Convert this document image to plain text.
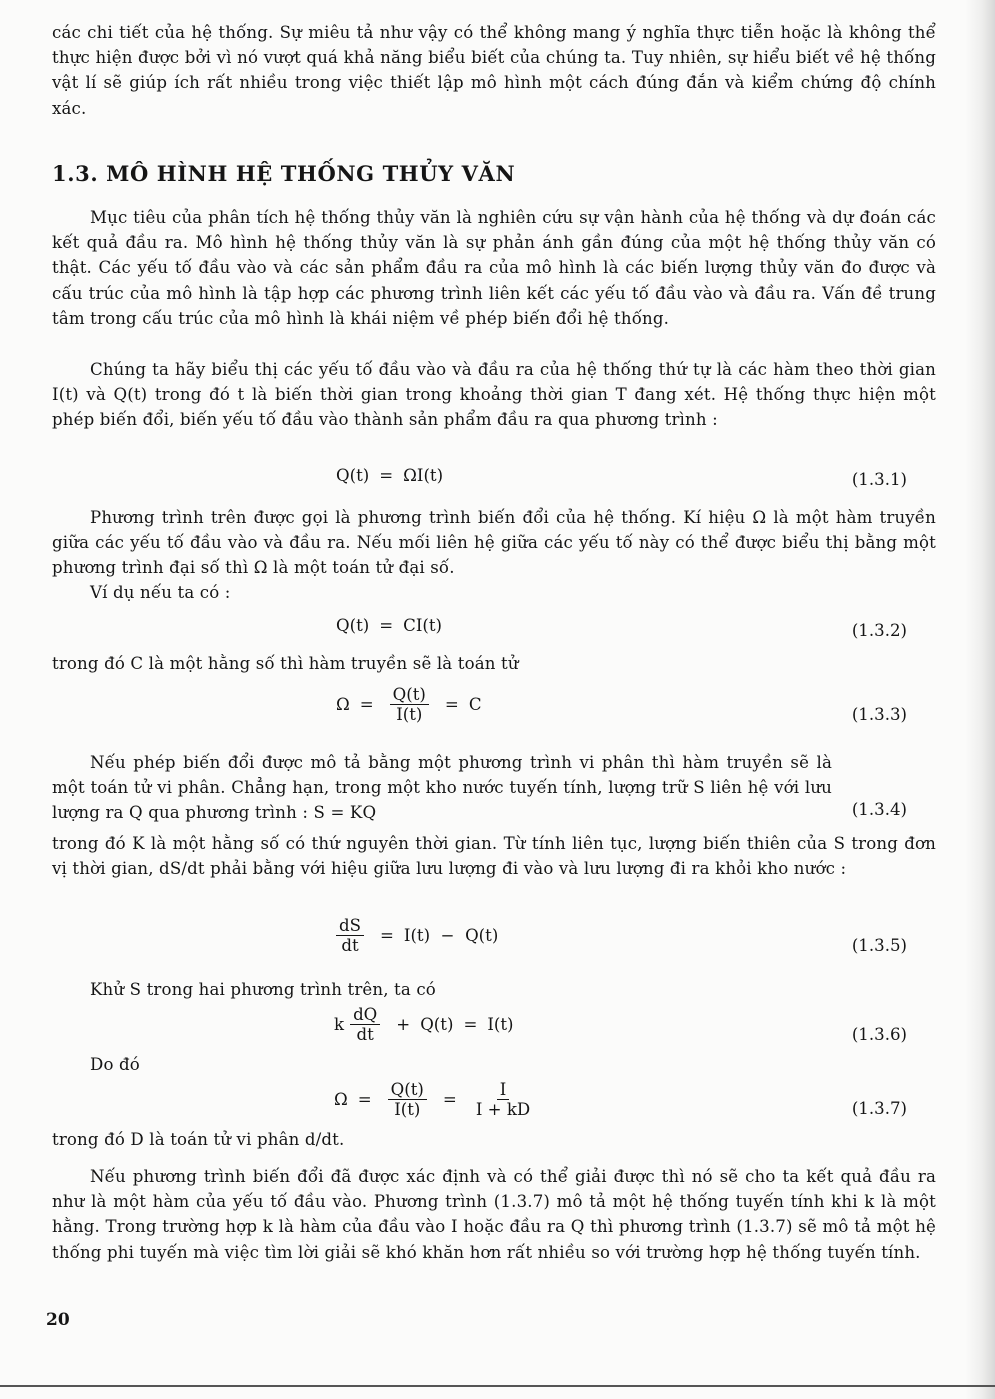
các chi tiết của hệ thống. Sự miêu tả như vậy có thể không mang ý nghĩa thực tiễn hoặc là không thể thực hiện được bởi vì nó vượt quá khả năng biểu biết của chúng ta. Tuy nhiên, sự hiểu biết về hệ thống vật lí sẽ giúp ích rất nhiều trong việc thiết lập mô hình một cách đúng đắn và kiểm chứng độ chính xác.

1.3. MÔ HÌNH HỆ THỐNG THỦY VĂN

Mục tiêu của phân tích hệ thống thủy văn là nghiên cứu sự vận hành của hệ thống và dự đoán các kết quả đầu ra. Mô hình hệ thống thủy văn là sự phản ánh gần đúng của một hệ thống thủy văn có thật. Các yếu tố đầu vào và các sản phẩm đầu ra của mô hình là các biến lượng thủy văn đo được và cấu trúc của mô hình là tập hợp các phương trình liên kết các yếu tố đầu vào và đầu ra. Vấn đề trung tâm trong cấu trúc của mô hình là khái niệm về phép biến đổi hệ thống.

Chúng ta hãy biểu thị các yếu tố đầu vào và đầu ra của hệ thống thứ tự là các hàm theo thời gian I(t) và Q(t) trong đó t là biến thời gian trong khoảng thời gian T đang xét. Hệ thống thực hiện một phép biến đổi, biến yếu tố đầu vào thành sản phẩm đầu ra qua phương trình :

Q(t) = ΩI(t)	(1.3.1)

Phương trình trên được gọi là phương trình biến đổi của hệ thống. Kí hiệu Ω là một hàm truyền giữa các yếu tố đầu vào và đầu ra. Nếu mối liên hệ giữa các yếu tố này có thể được biểu thị bằng một phương trình đại số thì Ω là một toán tử đại số.

Ví dụ nếu ta có :

Q(t) = CI(t)	(1.3.2)

trong đó C là một hằng số thì hàm truyền sẽ là toán tử

$\Omega = \frac{Q(t)}{I(t)} = C$
(1.3.3)

Nếu phép biến đổi được mô tả bằng một phương trình vi phân thì hàm truyền sẽ là một toán tử vi phân. Chẳng hạn, trong một kho nước tuyến tính, lượng trữ S liên hệ với lưu lượng ra Q qua phương trình : S = KQ	(1.3.4)

trong đó K là một hằng số có thứ nguyên thời gian. Từ tính liên tục, lượng biến thiên của S trong đơn vị thời gian, dS/dt phải bằng với hiệu giữa lưu lượng đi vào và lưu lượng đi ra khỏi kho nước :

$\frac{dS}{dt} = I(t) - Q(t)$
(1.3.5)

Khử S trong hai phương trình trên, ta có

k $\frac{dQ}{dt} + Q(t) = I(t)$
(1.3.6)

Do đó

$\Omega = \frac{Q(t)}{I(t)} = \frac{I}{I + kD}$	(1.3.7)

trong đó D là toán tử vi phân d/dt.

Nếu phương trình biến đổi đã được xác định và có thể giải được thì nó sẽ cho ta kết quả đầu ra như là một hàm của yếu tố đầu vào. Phương trình (1.3.7) mô tả một hệ thống tuyến tính khi k là một hằng. Trong trường hợp k là hàm của đầu vào I hoặc đầu ra Q thì phương trình (1.3.7) sẽ mô tả một hệ thống phi tuyến mà việc tìm lời giải sẽ khó khăn hơn rất nhiều so với trường hợp hệ thống tuyến tính.

20
